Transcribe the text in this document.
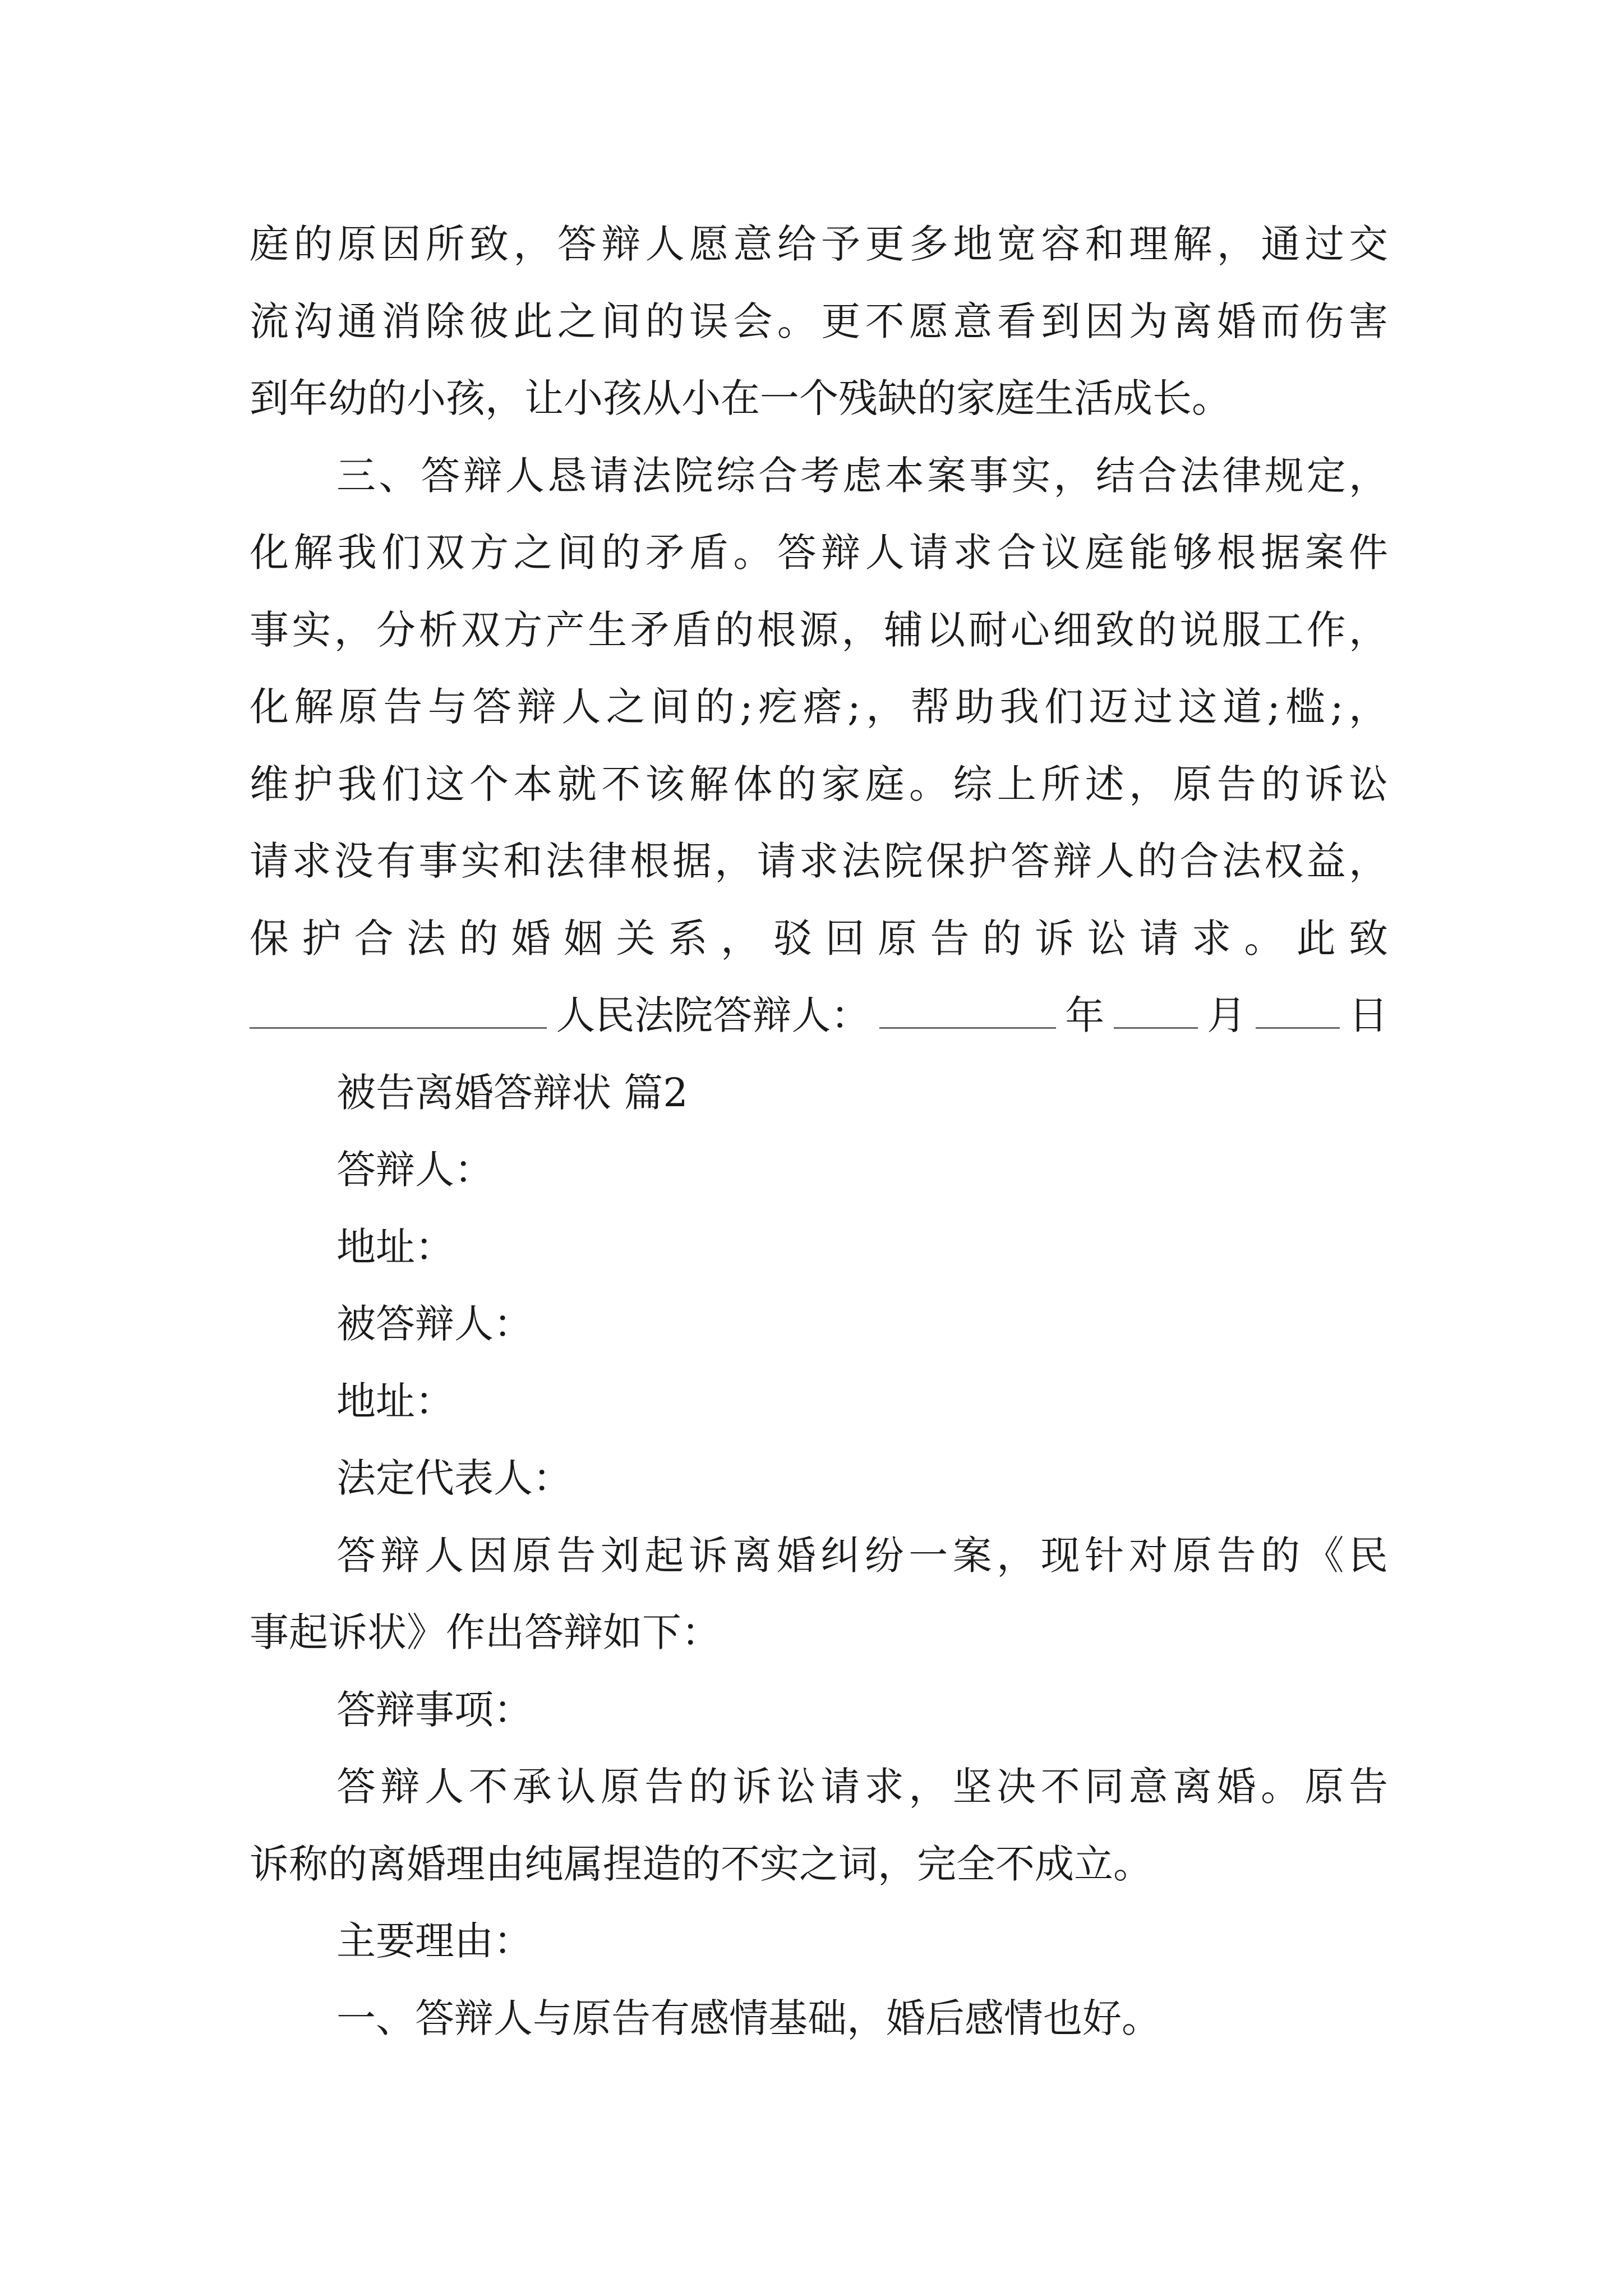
庭的原因所致，答辩人愿意给予更多地宽容和理解，通过交
流沟通消除彼此之间的误会。更不愿意看到因为离婚而伤害
到年幼的小孩，让小孩从小在一个残缺的家庭生活成长。
三、答辩人恳请法院综合考虑本案事实，结合法律规定，
化解我们双方之间的矛盾。答辩人请求合议庭能够根据案件
事实，分析双方产生矛盾的根源，辅以耐心细致的说服工作，
化解原告与答辩人之间的;疙瘩;，帮助我们迈过这道;槛;，
维护我们这个本就不该解体的家庭。综上所述，原告的诉讼
请求没有事实和法律根据，请求法院保护答辩人的合法权益，
保护合法的婚姻关系，驳回原告的诉讼请求。此致
人民法院答辩人：	年	月	日
被告离婚答辩状 篇2
答辩人：
地址：
被答辩人：
地址：
法定代表人：
答辩人因原告刘起诉离婚纠纷一案，现针对原告的《民
事起诉状》作出答辩如下：
答辩事项：
答辩人不承认原告的诉讼请求，坚决不同意离婚。原告
诉称的离婚理由纯属捏造的不实之词，完全不成立。
主要理由：
一、答辩人与原告有感情基础，婚后感情也好。
